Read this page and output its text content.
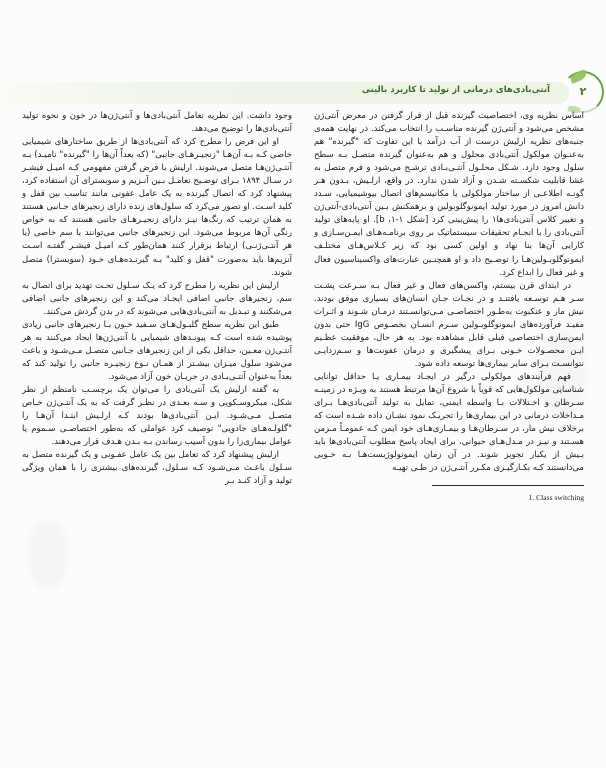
آنتی‌بادی‌های درمانی از تولید تا کاربرد بالینی	۲

وجود داشت. این نظریه تعامل آنتی‌بادی‌ها و آنتی‌ژن‌ها در خون و نحوه تولید آنتی‌بادی‌ها را توضیح می‌دهد.

او این فرض را مطرح کرد که آنتی‌بادی‌ها از طریق ساختارهای شیمیایی خاصی کـه بـه آن‌هـا "زنجیـرهـای جانبی" (که بعداً آن‌ها را "گیرنده" نامیـد) بـه آنتـی‌ژن‌هـا متصل می‌شوند. ارلیش با فرض گرفتن مفهومی کـه امیـل فیشـر در سـال ۱۸۹۴ بـرای توضـیح تعامـل بـین آنـزیم و سوبسترای آن استفاده کرد، پیشنهاد کرد که اتصال گیرنده به یک عامل عفونی مانند تناسب بین قفل و کلید اسـت. او تصور می‌کرد که سلول‌های زنده دارای زنجیرهای جـانبی هستند به همان ترتیب که رنگ‌ها نیـز دارای زنجیـرهـای جانبی هستند که به خواص رنگی آن‌ها مربوط می‌شود. این زنجیرهای جانبی می‌توانند با سم خاصی (یا هر آنتـی‌ژنـی) ارتباط برقرار کنند همان‌طور کـه امیـل فیشـر گفتـه اسـت آنزیم‌ها باید به‌صورت "قفل و کلید" بـه گیرنـده‌هـای خـود (سوبسترا) متصل شوند.

ارلیش این نظریه را مطرح کرد که یـک سـلول تحـت تهدید برای اتصال به سم، زنجیرهای جانبی اضافی ایجـاد می‌کند و این زنجیرهای جانبی اضافی می‌شکنند و تبـدیل به آنتی‌بادی‌هایی می‌شوند که در بدن گردش می‌کنند.

طبق این نظریه سطح گلبـول‌هـای سـفید خـون بـا زنجیرهای جانبی زیادی پوشیده شده است کـه پیونـدهای شیمیایی با آنتی‌ژن‌ها ایجاد می‌کنند به هر آنتـی‌ژن معـین، حداقل یکی از این زنجیرهای جـانبی متصـل مـی‌شـود و باعث می‌شود سلول میـزان بیشـتر از همـان نـوع زنجیـره جانبی را تولید کند که بعداً به‌عنوان آنتـی‌بـادی در جریـان خون آزاد می‌شود.

به گفته ارلیش یک آنتی‌بادی را می‌توان یک برچسـب نامنظم از نظر شکل، میکروسـکوپی و سـه بعـدی در نظـر گرفت که به یک آنتـی‌ژن خـاص متصـل مـی‌شـود. ایـن آنتی‌بادی‌ها بودند کـه ارلـیش ابتـدا آن‌هـا را "گلولـه‌هـای جادویی" توصیف کرد عواملی که به‌طور اختصاصـی سـموم یا عوامل بیماری‌زا را بدون آسیب رساندن بـه بـدن هـدف قرار می‌دهند.

ارلیش پیشنهاد کرد که تعامل بین یک عامل عفـونی و یک گیرنده متصل به سـلول باعـث مـی‌شـود کـه سـلول، گیرنده‌های بیشتری را با همان ویژگی تولید و آزاد کنـد بـر

اساس نظریه وی، اختصاصیت گیرنده قبل از قرار گرفتن در معرض آنتی‌ژن مشخص می‌شود و آنتی‌ژن گیرنده مناسـب را انتخاب می‌کند. در نهایت همه‌ی جنبه‌های نظریه ارلیش درست از آب درآمد با این تفاوت که "گیرنده" هم به‌عنـوان مولکول آنتی‌بادی محلول و هم به‌عنوان گیرنده متصـل بـه سطح سلول وجود دارد. شـکل محلـول آنتـی‌بـادی ترشـح می‌شود و فرم متصل به غشا قابلیت شکسـته شـدن و آزاد شدن ندارد. در واقع، ارلـیش، بـدون هـر گونـه اطلاعـی از ساختار مولکولی یا مکانیسم‌های اتصال بیوشیمیایی، سـدد دانش امروز در مورد تولید ایمونوگلوبولین و برهمکنش بـین آنتی‌بادی-آنتی‌ژن و تغییر کلاس آنتی‌بادی‌ها۱ را پیش‌بینی کرد [شکل ۱-۱، b]. او پایه‌های تولید آنتی‌بادی را با انجـام تحقیقات سیستماتیک بر روی برنامـه‌هـای ایمـن‌سـازی و کارایی آن‌ها بنا نهاد و اولین کسی بود که زیر کـلاس‌هـای مختلـف ایمونوگلوبـولین‌هـا را توضـیح داد و او همچنـین عبارت‌های واکسیناسیون فعال و غیر فعال را ابداع کرد.

در ابتدای قرن بیستم، واکسن‌های فعال و غیر فعال بـه سـرعت پشـت سـر هـم توسـعه یافتنـد و در نجـات جـان انسان‌های بسیاری موفق بودند. نیش مار و عنکبوت به‌طـور اختصاصـی مـی‌توانسـتند درمـان شـوند و اثـرات مفیـد فرآورده‌های ایمونوگلوبـولین سـرم انسـان بخصـوص IgG حتی بدون ایمن‌سازی اختصاصی قبلی قابل مشاهده بود. به هر حال، موفقیت عظـیم ایـن محصـولات خـونی بـرای پیشگیری و درمان عفونت‌ها و سـم‌زدایـی نتوانسـت بـرای سایر بیماری‌ها توسعه داده شود.

فهم فرآیندهای مولکولی درگیر در ایجـاد بیمـاری یـا حداقل توانایی شناسایی مولکول‌هایی که قویاً با شروع آن‌ها مرتبط هستند به ویـژه در زمینـه سـرطان و اخـتلالات بـا واسطه ایمنی، تمایل به تولید آنتی‌بادی‌هـا بـرای مـداخلات درمانی در این بیماری‌ها را تحریـک نمود نشـان داده شـده است که برخلاف نیش مار، در سـرطان‌هـا و بیمـاری‌هـای خود ایمن کـه عمومـاً مـزمن هسـتند و نیـز در مـدل‌هـای حیوانی، برای ایجاد پاسخ مطلوب آنتی‌بادی‌ها باید بـیش از یکبار تجویز شوند. در آن زمان ایمونولوژیست‌هـا بـه خـوبی می‌دانستند کـه بکـارگیـری مکـرر آنتـی‌ژن در طـی تهیـه

1. Class switching
